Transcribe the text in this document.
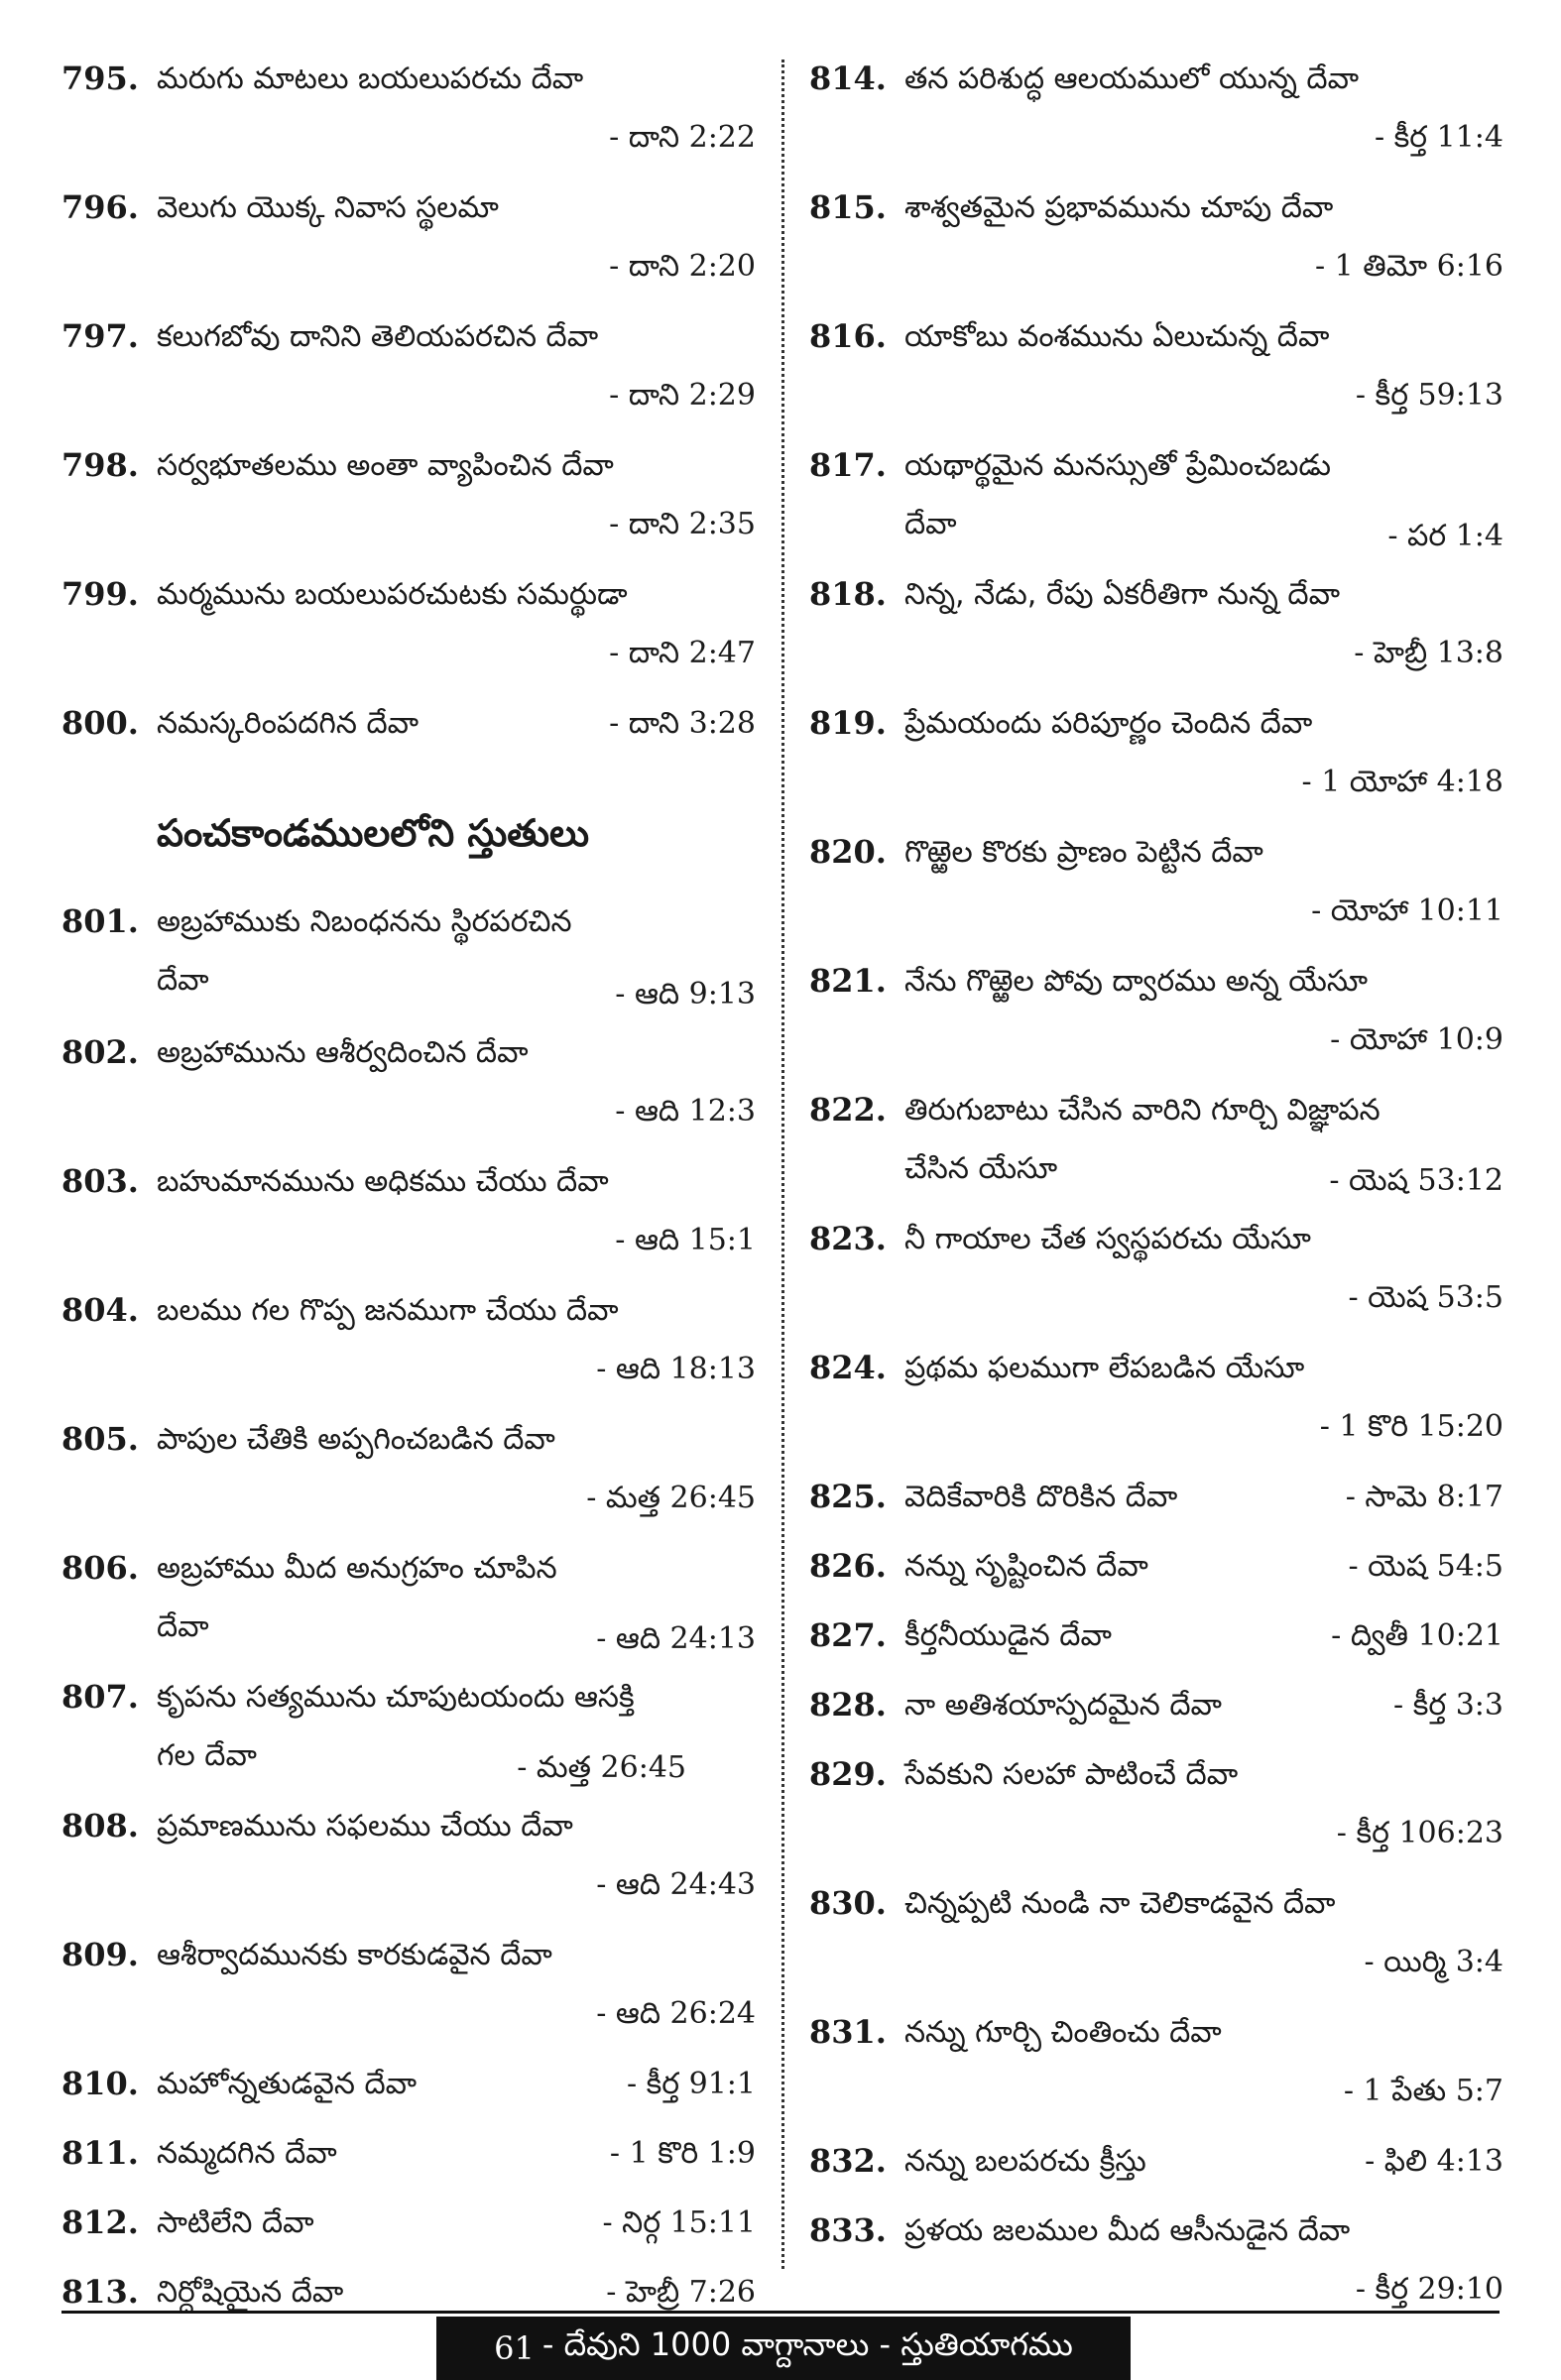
795. మరుగు మాటలు బయలుపరచు దేవా
- దాని 2:22
796. వెలుగు యొక్క నివాస స్థలమా
- దాని 2:20
797. కలుగబోవు దానిని తెలియపరచిన దేవా
- దాని 2:29
798. సర్వభూతలము అంతా వ్యాపించిన దేవా
- దాని 2:35
799. మర్మమును బయలుపరచుటకు సమర్థుడా
- దాని 2:47
800. నమస్కరింపదగిన దేవా	- దాని 3:28
పంచకాండములలోని స్తుతులు
801. అబ్రహాముకు నిబంధనను స్థిరపరచిన
దేవా	- ఆది 9:13
802. అబ్రహామును ఆశీర్వదించిన దేవా
- ఆది 12:3
803. బహుమానమును అధికము చేయు దేవా
- ఆది 15:1
804. బలము గల గొప్ప జనముగా చేయు దేవా
- ఆది 18:13
805. పాపుల చేతికి అప్పగించబడిన దేవా
- మత్త 26:45
806. అబ్రహాము మీద అనుగ్రహం చూపిన
దేవా	- ఆది 24:13
807. కృపను సత్యమును చూపుటయందు ఆసక్తి
గల దేవా	- మత్త 26:45
808. ప్రమాణమును సఫలము చేయు దేవా
- ఆది 24:43
809. ఆశీర్వాదమునకు కారకుడవైన దేవా
- ఆది 26:24
810. మహోన్నతుడవైన దేవా	- కీర్త 91:1
811. నమ్మదగిన దేవా	- 1 కొరి 1:9
812. సాటిలేని దేవా	- నిర్గ 15:11
813. నిర్దోషియైన దేవా	- హెబ్రీ 7:26
814. తన పరిశుద్ధ ఆలయములో యున్న దేవా
- కీర్త 11:4
815. శాశ్వతమైన ప్రభావమును చూపు దేవా
- 1 తిమో 6:16
816. యాకోబు వంశమును ఏలుచున్న దేవా
- కీర్త 59:13
817. యథార్థమైన మనస్సుతో ప్రేమించబడు
దేవా	- పర 1:4
818. నిన్న, నేడు, రేపు ఏకరీతిగా నున్న దేవా
- హెబ్రీ 13:8
819. ప్రేమయందు పరిపూర్ణం చెందిన దేవా
- 1 యోహా 4:18
820. గొఱ్ఱెల కొరకు ప్రాణం పెట్టిన దేవా
- యోహా 10:11
821. నేను గొఱ్ఱెల పోవు ద్వారము అన్న యేసూ
- యోహా 10:9
822. తిరుగుబాటు చేసిన వారిని గూర్చి విజ్ఞాపన
చేసిన యేసూ	- యెష 53:12
823. నీ గాయాల చేత స్వస్థపరచు యేసూ
- యెష 53:5
824. ప్రథమ ఫలముగా లేపబడిన యేసూ
- 1 కొరి 15:20
825. వెదికేవారికి దొరికిన దేవా	- సామె 8:17
826. నన్ను సృష్టించిన దేవా	- యెష 54:5
827. కీర్తనీయుడైన దేవా	- ద్వితీ 10:21
828. నా అతిశయాస్పదమైన దేవా	- కీర్త 3:3
829. సేవకుని సలహా పాటించే దేవా
- కీర్త 106:23
830. చిన్నప్పటి నుండి నా చెలికాడవైన దేవా
- యిర్మి 3:4
831. నన్ను గూర్చి చింతించు దేవా
- 1 పేతు 5:7
832. నన్ను బలపరచు క్రీస్తు	- ఫిలి 4:13
833. ప్రళయ జలముల మీద ఆసీనుడైన దేవా
- కీర్త 29:10
61 - దేవుని 1000 వాగ్దానాలు - స్తుతియాగము
